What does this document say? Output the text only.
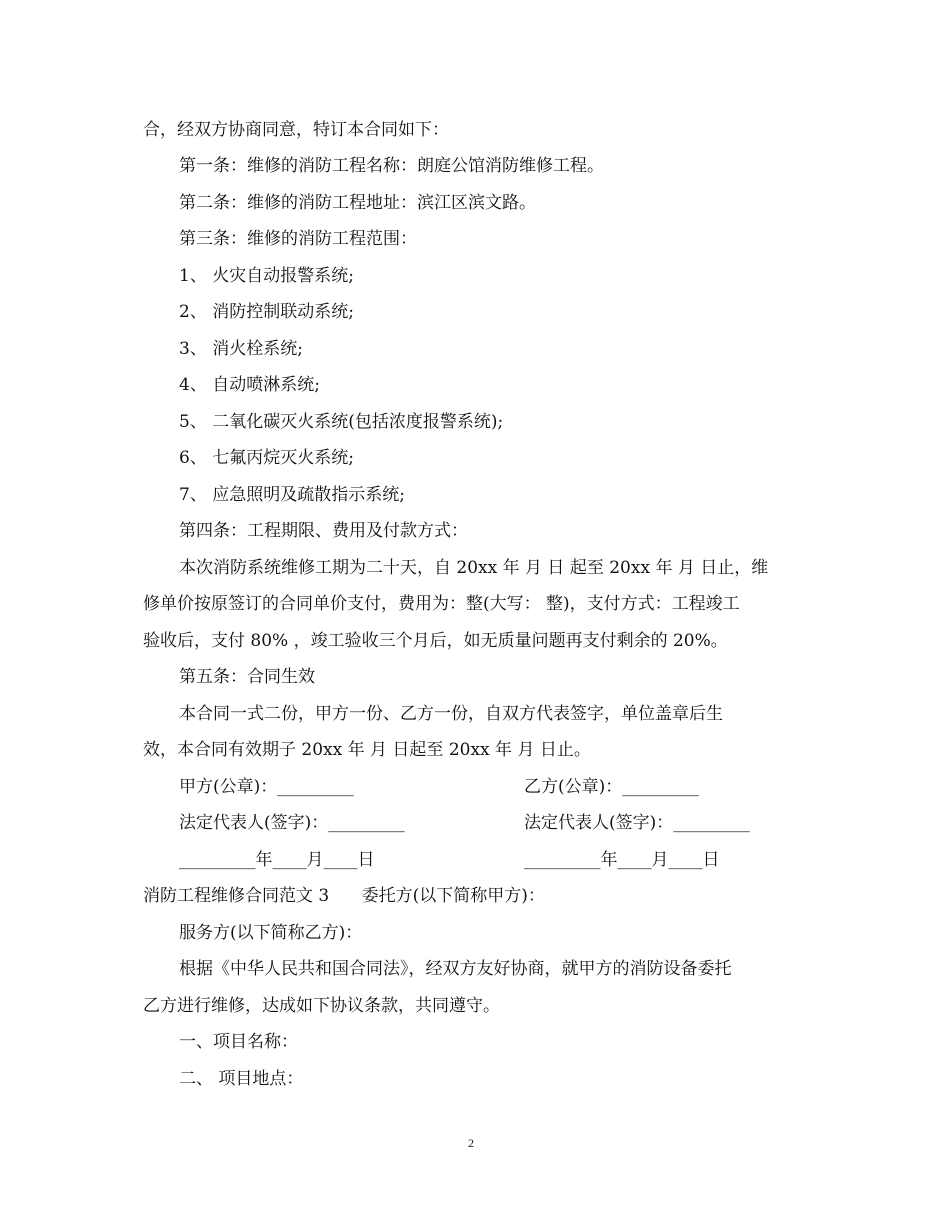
合，经双方协商同意，特订本合同如下：
第一条：维修的消防工程名称：朗庭公馆消防维修工程。
第二条：维修的消防工程地址：滨江区滨文路。
第三条：维修的消防工程范围：
1、 火灾自动报警系统;
2、 消防控制联动系统;
3、 消火栓系统;
4、 自动喷淋系统;
5、 二氧化碳灭火系统(包括浓度报警系统);
6、 七氟丙烷灭火系统;
7、 应急照明及疏散指示系统;
第四条：工程期限、费用及付款方式：
本次消防系统维修工期为二十天，自 20xx 年 月 日 起至 20xx 年 月 日止，维
修单价按原签订的合同单价支付，费用为：整(大写： 整)，支付方式：工程竣工
验收后，支付 80% ，竣工验收三个月后，如无质量问题再支付剩余的 20%。
第五条：合同生效
本合同一式二份，甲方一份、乙方一份，自双方代表签字，单位盖章后生
效，本合同有效期子 20xx 年 月 日起至 20xx 年 月 日止。
甲方(公章)：_________	乙方(公章)：_________
法定代表人(签字)：_________	法定代表人(签字)：_________
_________年____月____日	_________年____月____日
消防工程维修合同范文 3      委托方(以下简称甲方)：
服务方(以下简称乙方)：
根据《中华人民共和国合同法》，经双方友好协商，就甲方的消防设备委托
乙方进行维修，达成如下协议条款，共同遵守。
一、项目名称：
二、 项目地点：
2
